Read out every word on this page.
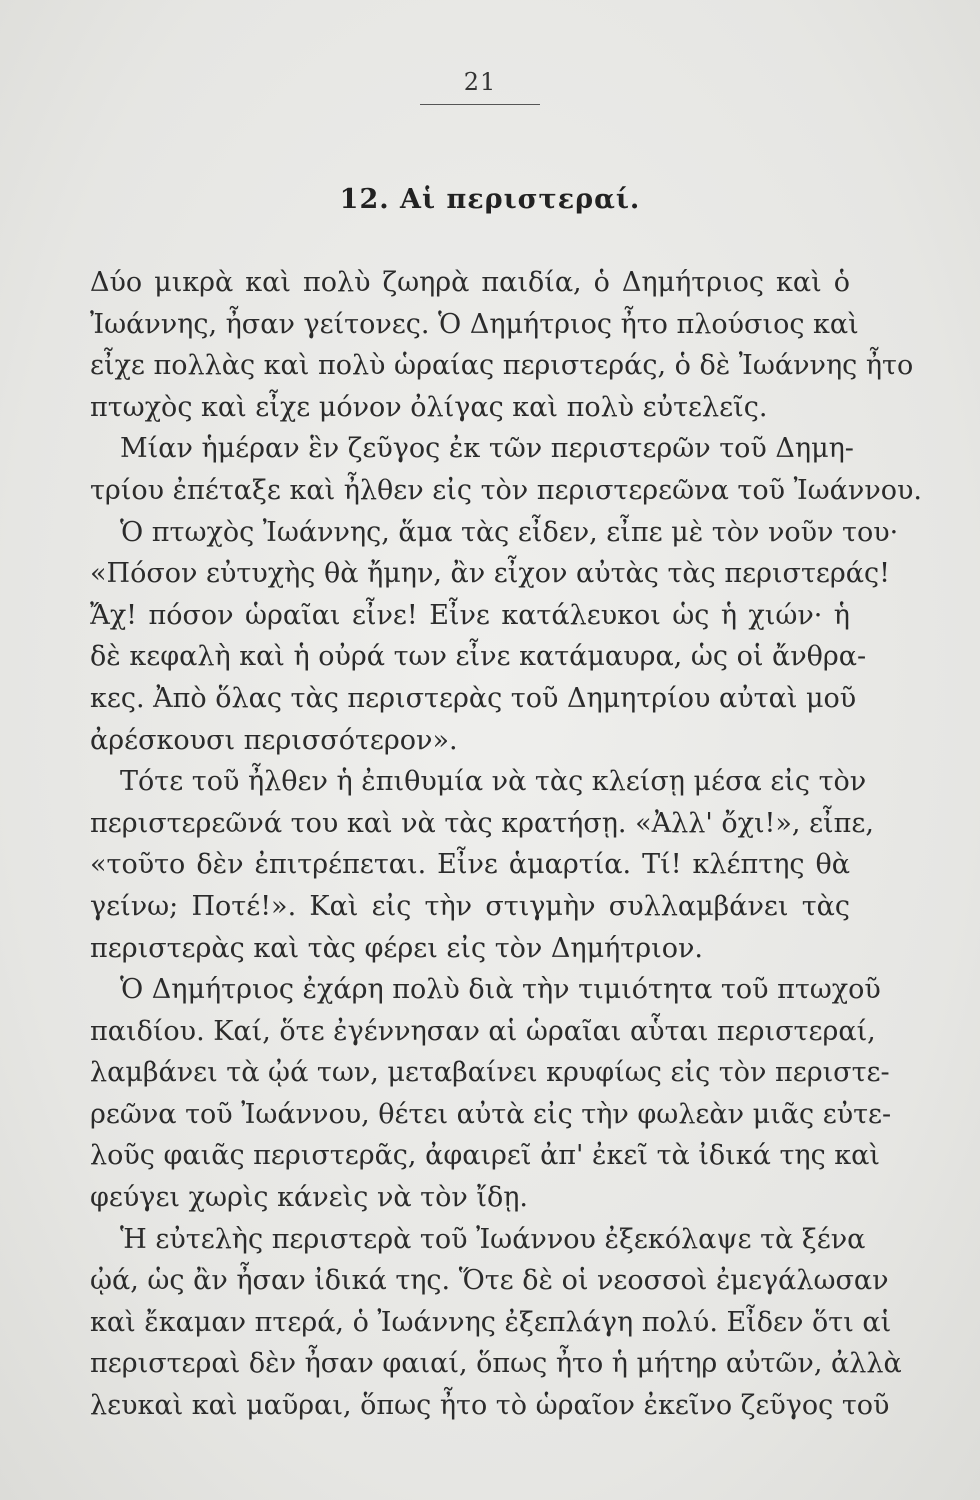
21
12. Αἱ περιστεραί.
Δύο μικρὰ καὶ πολὺ ζωηρὰ παιδία, ὁ Δημήτριος καὶ ὁ
Ἰωάννης, ἦσαν γείτονες. Ὁ Δημήτριος ἦτο πλούσιος καὶ
εἶχε πολλὰς καὶ πολὺ ὡραίας περιστεράς, ὁ δὲ Ἰωάννης ἦτο
πτωχὸς καὶ εἶχε μόνον ὀλίγας καὶ πολὺ εὐτελεῖς.
Μίαν ἡμέραν ἓν ζεῦγος ἐκ τῶν περιστερῶν τοῦ Δημη-
τρίου ἐπέταξε καὶ ἦλθεν εἰς τὸν περιστερεῶνα τοῦ Ἰωάννου.
Ὁ πτωχὸς Ἰωάννης, ἅμα τὰς εἶδεν, εἶπε μὲ τὸν νοῦν του·
«Πόσον εὐτυχὴς θὰ ἤμην, ἂν εἶχον αὐτὰς τὰς περιστεράς!
Ἄχ! πόσον ὡραῖαι εἶνε! Εἶνε κατάλευκοι ὡς ἡ χιών· ἡ
δὲ κεφαλὴ καὶ ἡ οὐρά των εἶνε κατάμαυρα, ὡς οἱ ἄνθρα-
κες. Ἀπὸ ὅλας τὰς περιστερὰς τοῦ Δημητρίου αὐταὶ μοῦ
ἀρέσκουσι περισσότερον».
Τότε τοῦ ἦλθεν ἡ ἐπιθυμία νὰ τὰς κλείσῃ μέσα εἰς τὸν
περιστερεῶνά του καὶ νὰ τὰς κρατήσῃ. «Ἀλλ' ὄχι!», εἶπε,
«τοῦτο δὲν ἐπιτρέπεται. Εἶνε ἁμαρτία. Τί! κλέπτης θὰ
γείνω; Ποτέ!». Καὶ εἰς τὴν στιγμὴν συλλαμβάνει τὰς
περιστερὰς καὶ τὰς φέρει εἰς τὸν Δημήτριον.
Ὁ Δημήτριος ἐχάρη πολὺ διὰ τὴν τιμιότητα τοῦ πτωχοῦ
παιδίου. Καί, ὅτε ἐγέννησαν αἱ ὡραῖαι αὗται περιστεραί,
λαμβάνει τὰ ᾠά των, μεταβαίνει κρυφίως εἰς τὸν περιστε-
ρεῶνα τοῦ Ἰωάννου, θέτει αὐτὰ εἰς τὴν φωλεὰν μιᾶς εὐτε-
λοῦς φαιᾶς περιστερᾶς, ἀφαιρεῖ ἀπ' ἐκεῖ τὰ ἰδικά της καὶ
φεύγει χωρὶς κάνεὶς νὰ τὸν ἴδῃ.
Ἡ εὐτελὴς περιστερὰ τοῦ Ἰωάννου ἐξεκόλαψε τὰ ξένα
ᾠά, ὡς ἂν ἦσαν ἰδικά της. Ὅτε δὲ οἱ νεοσσοὶ ἐμεγάλωσαν
καὶ ἔκαμαν πτερά, ὁ Ἰωάννης ἐξεπλάγη πολύ. Εἶδεν ὅτι αἱ
περιστεραὶ δὲν ἦσαν φαιαί, ὅπως ἦτο ἡ μήτηρ αὐτῶν, ἀλλὰ
λευκαὶ καὶ μαῦραι, ὅπως ἦτο τὸ ὡραῖον ἐκεῖνο ζεῦγος τοῦ
